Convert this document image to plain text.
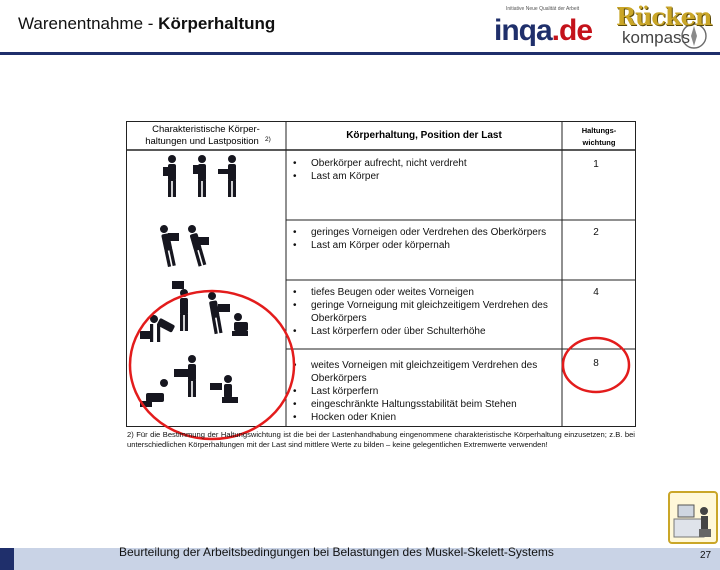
Warenentnahme - Körperhaltung
Initiative Neue Qualität der Arbeit
inqa.de Rücken
kompass
Charakteristische Körper-
haltungen und Lastposition 2)	Körperhaltung, Position der Last	Haltungs-
wichtung
• Oberkörper aufrecht, nicht verdreht
• Last am Körper
1
• geringes Vorneigen oder Verdrehen des Oberkörpers
• Last am Körper oder körpernah
2
• tiefes Beugen oder weites Vorneigen
• geringe Vorneigung mit gleichzeitigem Verdrehen des
Oberkörpers
• Last körperfern oder über Schulterhöhe
4
• weites Vorneigen mit gleichzeitigem Verdrehen des
Oberkörpers
• Last körperfern
• eingeschränkte Haltungsstabilität beim Stehen
• Hocken oder Knien
8
2) Für die Bestimmung der Haltungswichtung ist die bei der Lastenhandhabung eingenommene charakteristische Körperhaltung einzusetzen; z.B. bei unterschiedlichen Körperhaltungen mit der Last sind mittlere Werte zu bilden – keine gelegentlichen Extremwerte verwenden!
Beurteilung der Arbeitsbedingungen bei Belastungen des Muskel-Skelett-Systems	27
